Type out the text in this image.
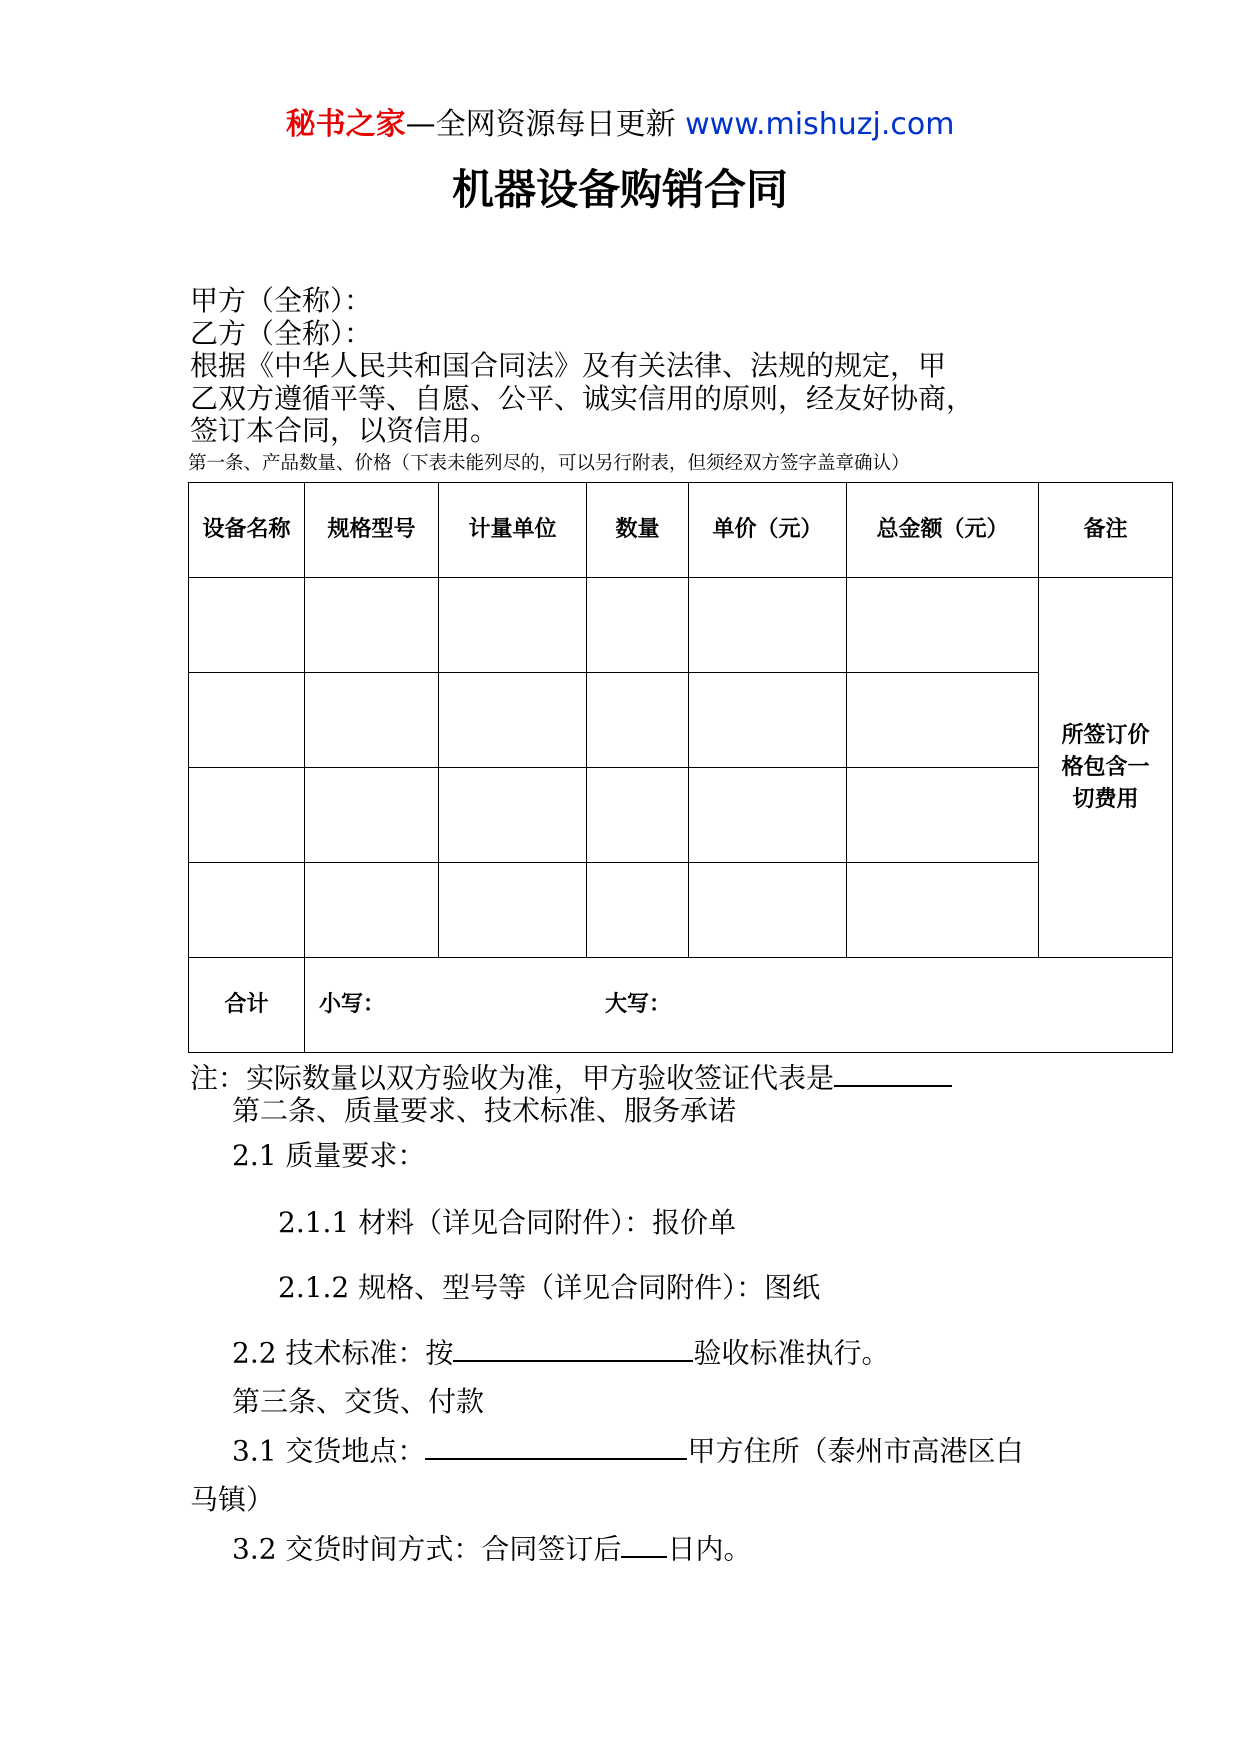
秘书之家—全网资源每日更新 www.mishuzj.com
机器设备购销合同

甲方（全称）：

乙方（全称）：

根据《中华人民共和国合同法》及有关法律、法规的规定，甲

乙双方遵循平等、自愿、公平、诚实信用的原则，经友好协商，

签订本合同，以资信用。

第一条、产品数量、价格（下表未能列尽的，可以另行附表，但须经双方签字盖章确认）
设备名称	规格型号	计量单位	数量	单价（元）	总金额（元）	备注
						所签订价格包含一切费用

合计	小写： 大写：					
注：实际数量以双方验收为准，甲方验收签证代表是
第二条、质量要求、技术标准、服务承诺
2.1 质量要求：
2.1.1 材料（详见合同附件）：报价单
2.1.2 规格、型号等（详见合同附件）：图纸
2.2 技术标准：按	验收标准执行。
第三条、交货、付款
3.1 交货地点：	甲方住所（泰州市高港区白
马镇）
3.2 交货时间方式：合同签订后 日内。
